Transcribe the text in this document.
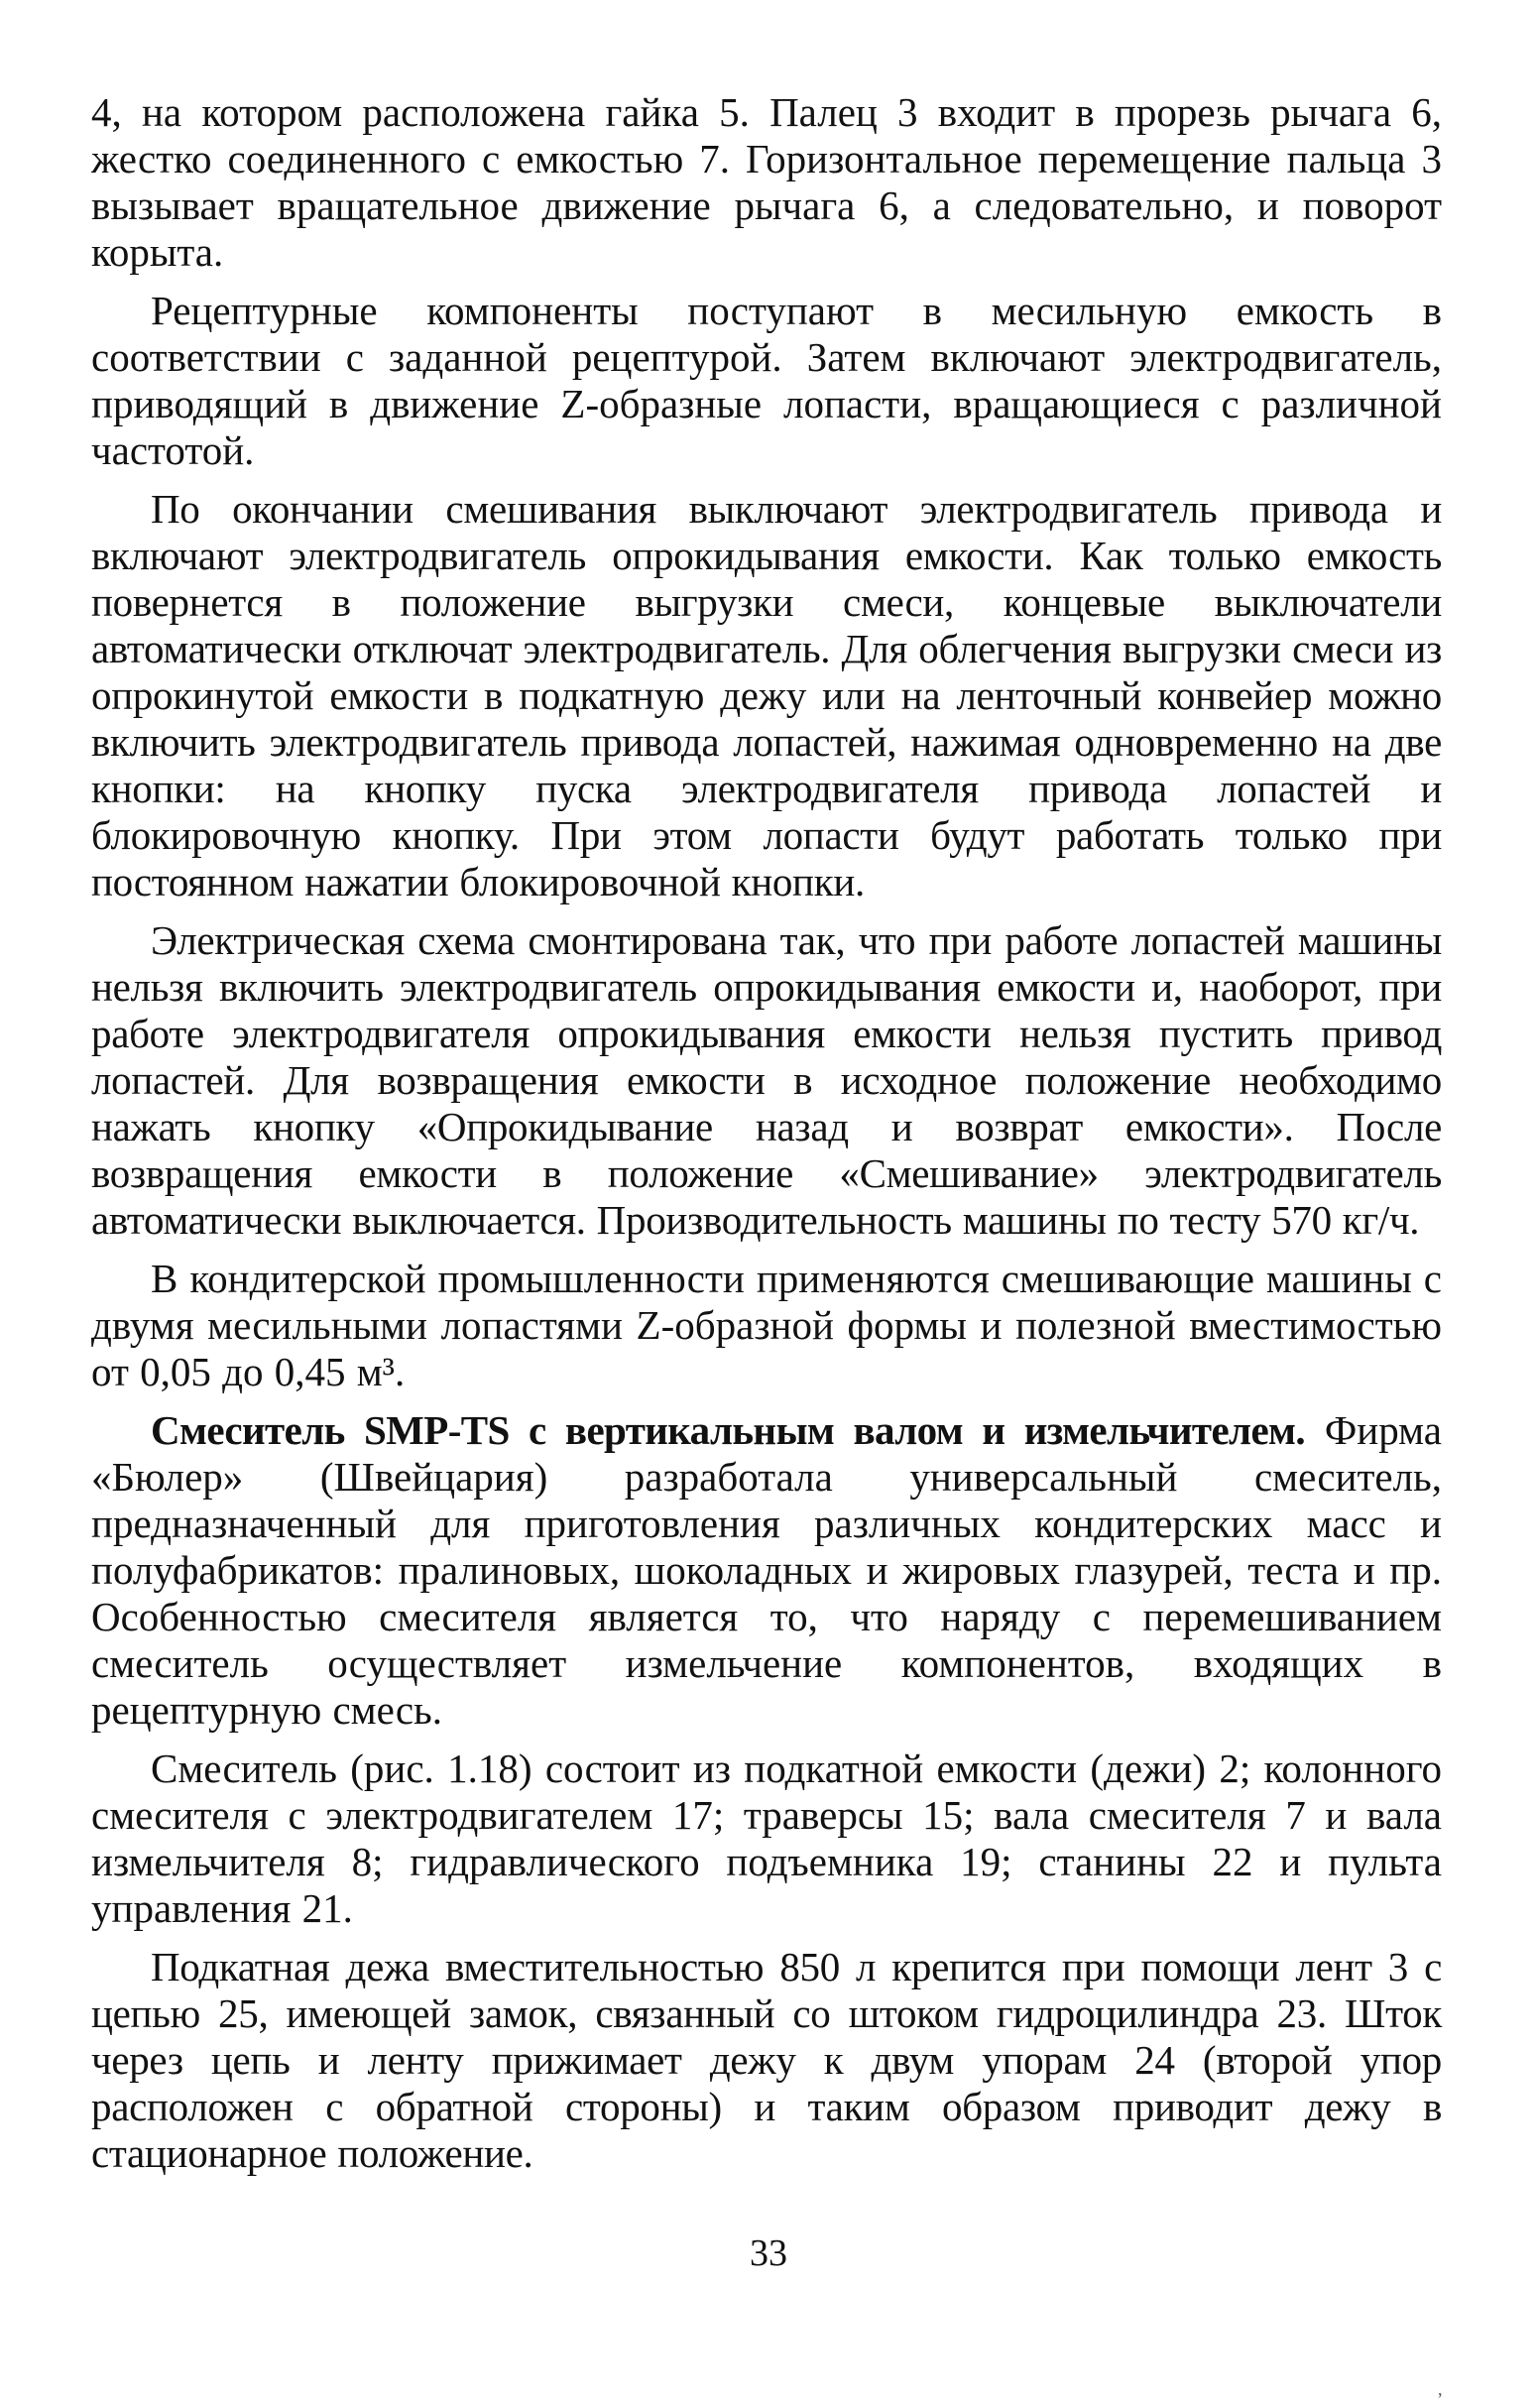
4, на котором расположена гайка 5. Палец 3 входит в прорезь рычага 6, жестко соединенного с емкостью 7. Горизонтальное перемещение пальца 3 вызывает вращательное движение рычага 6, а следовательно, и поворот корыта.

Рецептурные компоненты поступают в месильную емкость в соответствии с заданной рецептурой. Затем включают электродвигатель, приводящий в движение Z-образные лопасти, вращающиеся с различной частотой.

По окончании смешивания выключают электродвигатель привода и включают электродвигатель опрокидывания емкости. Как только емкость повернется в положение выгрузки смеси, концевые выключатели автоматически отключат электродвигатель. Для облегчения выгрузки смеси из опрокинутой емкости в подкатную дежу или на ленточный конвейер можно включить электродвигатель привода лопастей, нажимая одновременно на две кнопки: на кнопку пуска электродвигателя привода лопастей и блокировочную кнопку. При этом лопасти будут работать только при постоянном нажатии блокировочной кнопки.

Электрическая схема смонтирована так, что при работе лопастей машины нельзя включить электродвигатель опрокидывания емкости и, наоборот, при работе электродвигателя опрокидывания емкости нельзя пустить привод лопастей. Для возвращения емкости в исходное положение необходимо нажать кнопку «Опрокидывание назад и возврат емкости». После возвращения емкости в положение «Смешивание» электродвигатель автоматически выключается. Производительность машины по тесту 570 кг/ч.

В кондитерской промышленности применяются смешивающие машины с двумя месильными лопастями Z-образной формы и полезной вместимостью от 0,05 до 0,45 м³.

Смеситель SMP-TS с вертикальным валом и измельчителем. Фирма «Бюлер» (Швейцария) разработала универсальный смеситель, предназначенный для приготовления различных кондитерских масс и полуфабрикатов: пралиновых, шоколадных и жировых глазурей, теста и пр. Особенностью смесителя является то, что наряду с перемешиванием смеситель осуществляет измельчение компонентов, входящих в рецептурную смесь.

Смеситель (рис. 1.18) состоит из подкатной емкости (дежи) 2; колонного смесителя с электродвигателем 17; траверсы 15; вала смесителя 7 и вала измельчителя 8; гидравлического подъемника 19; станины 22 и пульта управления 21.

Подкатная дежа вместительностью 850 л крепится при помощи лент 3 с цепью 25, имеющей замок, связанный со штоком гидроцилиндра 23. Шток через цепь и ленту прижимает дежу к двум упорам 24 (второй упор расположен с обратной стороны) и таким образом приводит дежу в стационарное положение.

33
,
